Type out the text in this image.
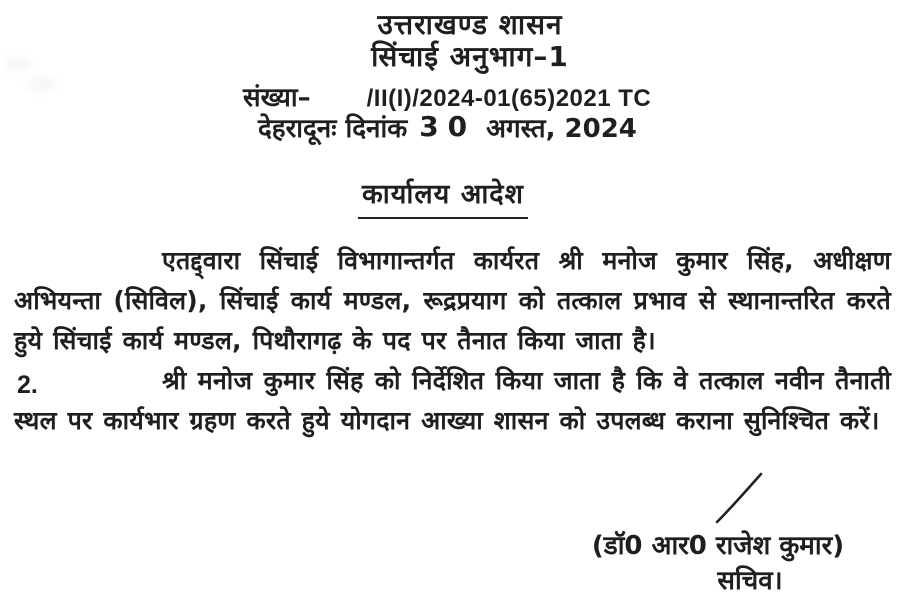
उत्तराखण्ड शासन
सिंचाई अनुभाग–1
संख्या– /II(I)/2024-01(65)2021 TC
देहरादूनः दिनांक 30 अगस्त, 2024
कार्यालय आदेश

एतद्द्वारा सिंचाई विभागान्तर्गत कार्यरत श्री मनोज कुमार सिंह, अधीक्षण अभियन्ता (सिविल), सिंचाई कार्य मण्डल, रूद्रप्रयाग को तत्काल प्रभाव से स्थानान्तरित करते हुये सिंचाई कार्य मण्डल, पिथौरागढ़ के पद पर तैनात किया जाता है।

2.	श्री मनोज कुमार सिंह को निर्देशित किया जाता है कि वे तत्काल नवीन तैनाती स्थल पर कार्यभार ग्रहण करते हुये योगदान आख्या शासन को उपलब्ध कराना सुनिश्चित करें।

(डॉ0 आर0 राजेश कुमार)
सचिव।
